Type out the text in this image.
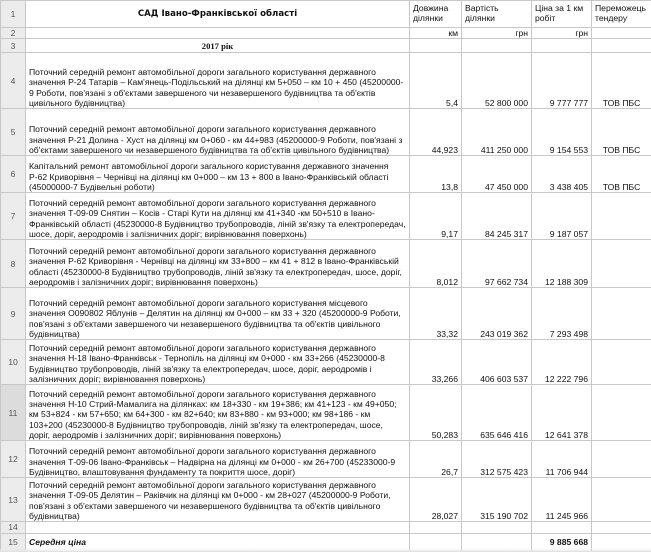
1	САД Івано-Франківської області	Довжина ділянки	Вартість ділянки	Ціна за 1 км робіт	Переможець тендеру
2		км	грн	грн	
3	2017 рік				
4	Поточний середній ремонт автомобільної дороги загального користування державного значення Р-24 Татарів – Кам'янець-Подільський на ділянці км 5+050 – км 10 + 450 (45200000-9 Роботи, пов'язані з об'єктами завершеного чи незавершеного будівництва та об'єктів цивільного будівництва)	5,4	52 800 000	9 777 777	ТОВ ПБС
5	Поточний середній ремонт автомобільної дороги загального користування державного значення Р-21 Долина - Хуст на ділянці км 0+060 - км 44+983 (45200000-9 Роботи, пов'язані з об'єктами завершеного чи незавершеного будівництва та об'єктів цивільного будівництва)	44,923	411 250 000	9 154 553	ТОВ ПБС
6	Капітальний ремонт автомобільної дороги загального користування державного значення Р-62 Криворівня – Чернівці на ділянці км 0+000 – км 13 + 800 в Івано-Франківській області (45000000-7 Будівельні роботи)	13,8	47 450 000	3 438 405	ТОВ ПБС
7	Поточний середній ремонт автомобільної дороги загального користування державного значення Т-09-09 Снятин – Косів - Старі Кути на ділянці км 41+340 -км 50+510 в Івано-Франківській області (45230000-8 Будівництво трубопроводів, ліній зв'язку та електропередач, шосе, доріг, аеродромів і залізничних доріг; вирівнювання поверхонь)	9,17	84 245 317	9 187 057	
8	Поточний середній ремонт автомобільної дороги загального користування державного значення Р-62 Криворівня - Чернівці на ділянці км 33+800 – км 41 + 812 в Івано-Франківській області (45230000-8 Будівництво трубопроводів, ліній зв'язку та електропередач, шосе, доріг, аеродромів і залізничних доріг; вирівнювання поверхонь)	8,012	97 662 734	12 188 309	
9	Поточний середній ремонт автомобільної дороги загального користування місцевого значення О090802 Яблунів – Делятин на ділянці км 0+000 – км 33 + 320 (45200000-9 Роботи, пов'язані з об'єктами завершеного чи незавершеного будівництва та об'єктів цивільного будівництва)	33,32	243 019 362	7 293 498	
10	Поточний середній ремонт автомобільної дороги загального користування державного значення Н-18 Івано-Франківськ - Тернопіль на ділянці км 0+000 - км 33+266 (45230000-8 Будівництво трубопроводів, ліній зв'язку та електропередач, шосе, доріг, аеродромів і залізничних доріг; вирівнювання поверхонь)	33,266	406 603 537	12 222 796	
11	Поточний середній ремонт автомобільної дороги загального користування державного значення Н-10 Стрий-Мамалига на ділянках: км 18+330 - км 19+386; км 41+123 - км 49+050; км 53+824 - км 57+650; км 64+300 - км 82+640; км 83+880 - км 93+000; км 98+186 - км 103+200 (45230000-8 Будівництво трубопроводів, ліній зв'язку та електропередач, шосе, доріг, аеродромів і залізничних доріг; вирівнювання поверхонь)	50,283	635 646 416	12 641 378	
12	Поточний середній ремонт автомобільної дороги загального користування державного значення Т-09-06 Івано-Франківськ – Надвірна на ділянці км 0+000 - км 26+700 (45233000-9 Будівництво, влаштовування фундаменту та покриття шосе, доріг)	26,7	312 575 423	11 706 944	
13	Поточний середній ремонт автомобільної дороги загального користування державного значення Т-09-05 Делятин – Раківчик на ділянці км 0+000 - км 28+027 (45200000-9 Роботи, пов'язані з об'єктами завершеного чи незавершеного будівництва та об'єктів цивільного будівництва)	28,027	315 190 702	11 245 966	
14					
15	Середня ціна			9 885 668	
